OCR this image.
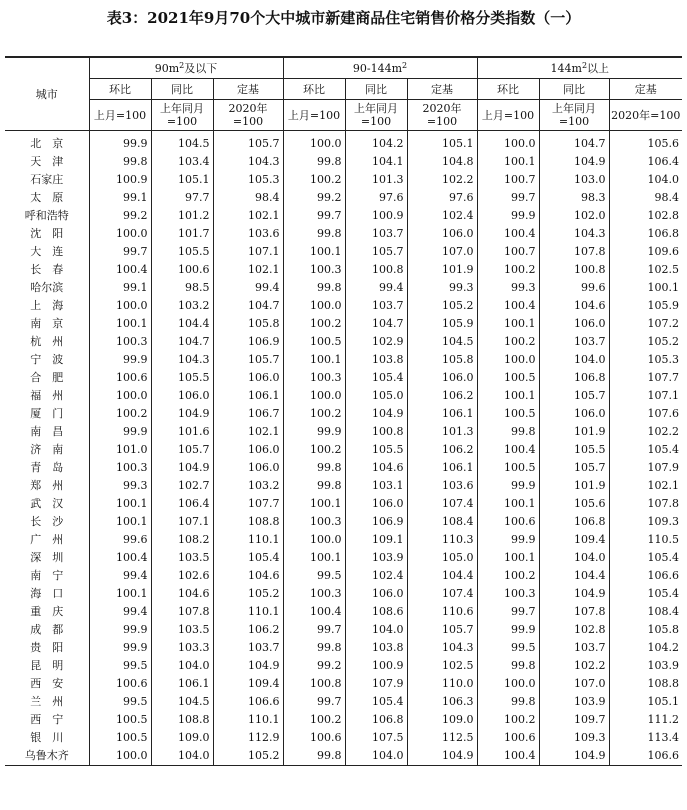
表3：2021年9月70个大中城市新建商品住宅销售价格分类指数（一）
城市	$90m^2$及以下			$90-144m^2$			$144m^2$以上		
	环比	同比	定基	环比	同比	定基	环比	同比	定基
	上月=100	上年同月=100	2020年=100	上月=100	上年同月=100	2020年=100	上月=100	上年同月=100	2020年=100
北　京	99.9	104.5	105.7	100.0	104.2	105.1	100.0	104.7	105.6
天　津	99.8	103.4	104.3	99.8	104.1	104.8	100.1	104.9	106.4
石家庄	100.9	105.1	105.3	100.2	101.3	102.2	100.7	103.0	104.0
太　原	99.1	97.7	98.4	99.2	97.6	97.6	99.7	98.3	98.4
呼和浩特	99.2	101.2	102.1	99.7	100.9	102.4	99.9	102.0	102.8
沈　阳	100.0	101.7	103.6	99.8	103.7	106.0	100.4	104.3	106.8
大　连	99.7	105.5	107.1	100.1	105.7	107.0	100.7	107.8	109.6
长　春	100.4	100.6	102.1	100.3	100.8	101.9	100.2	100.8	102.5
哈尔滨	99.1	98.5	99.4	99.8	99.4	99.3	99.3	99.6	100.1
上　海	100.0	103.2	104.7	100.0	103.7	105.2	100.4	104.6	105.9
南　京	100.1	104.4	105.8	100.2	104.7	105.9	100.1	106.0	107.2
杭　州	100.3	104.7	106.9	100.5	102.9	104.5	100.2	103.7	105.2
宁　波	99.9	104.3	105.7	100.1	103.8	105.8	100.0	104.0	105.3
合　肥	100.6	105.5	106.0	100.3	105.4	106.0	100.5	106.8	107.7
福　州	100.0	106.0	106.1	100.0	105.0	106.2	100.1	105.7	107.1
厦　门	100.2	104.9	106.7	100.2	104.9	106.1	100.5	106.0	107.6
南　昌	99.9	101.6	102.1	99.9	100.8	101.3	99.8	101.9	102.2
济　南	101.0	105.7	106.0	100.2	105.5	106.2	100.4	105.5	105.4
青　岛	100.3	104.9	106.0	99.8	104.6	106.1	100.5	105.7	107.9
郑　州	99.3	102.7	103.2	99.8	103.1	103.6	99.9	101.9	102.1
武　汉	100.1	106.4	107.7	100.1	106.0	107.4	100.1	105.6	107.8
长　沙	100.1	107.1	108.8	100.3	106.9	108.4	100.6	106.8	109.3
广　州	99.6	108.2	110.1	100.0	109.1	110.3	99.9	109.4	110.5
深　圳	100.4	103.5	105.4	100.1	103.9	105.0	100.1	104.0	105.4
南　宁	99.4	102.6	104.6	99.5	102.4	104.4	100.2	104.4	106.6
海　口	100.1	104.6	105.2	100.3	106.0	107.4	100.3	104.9	105.4
重　庆	99.4	107.8	110.1	100.4	108.6	110.6	99.7	107.8	108.4
成　都	99.9	103.5	106.2	99.7	104.0	105.7	99.9	102.8	105.8
贵　阳	99.9	103.3	103.7	99.8	103.8	104.3	99.5	103.7	104.2
昆　明	99.5	104.0	104.9	99.2	100.9	102.5	99.8	102.2	103.9
西　安	100.6	106.1	109.4	100.8	107.9	110.0	100.0	107.0	108.8
兰　州	99.5	104.5	106.6	99.7	105.4	106.3	99.8	103.9	105.1
西　宁	100.5	108.8	110.1	100.2	106.8	109.0	100.2	109.7	111.2
银　川	100.5	109.0	112.9	100.6	107.5	112.5	100.6	109.3	113.4
乌鲁木齐	100.0	104.0	105.2	99.8	104.0	104.9	100.4	104.9	106.6
